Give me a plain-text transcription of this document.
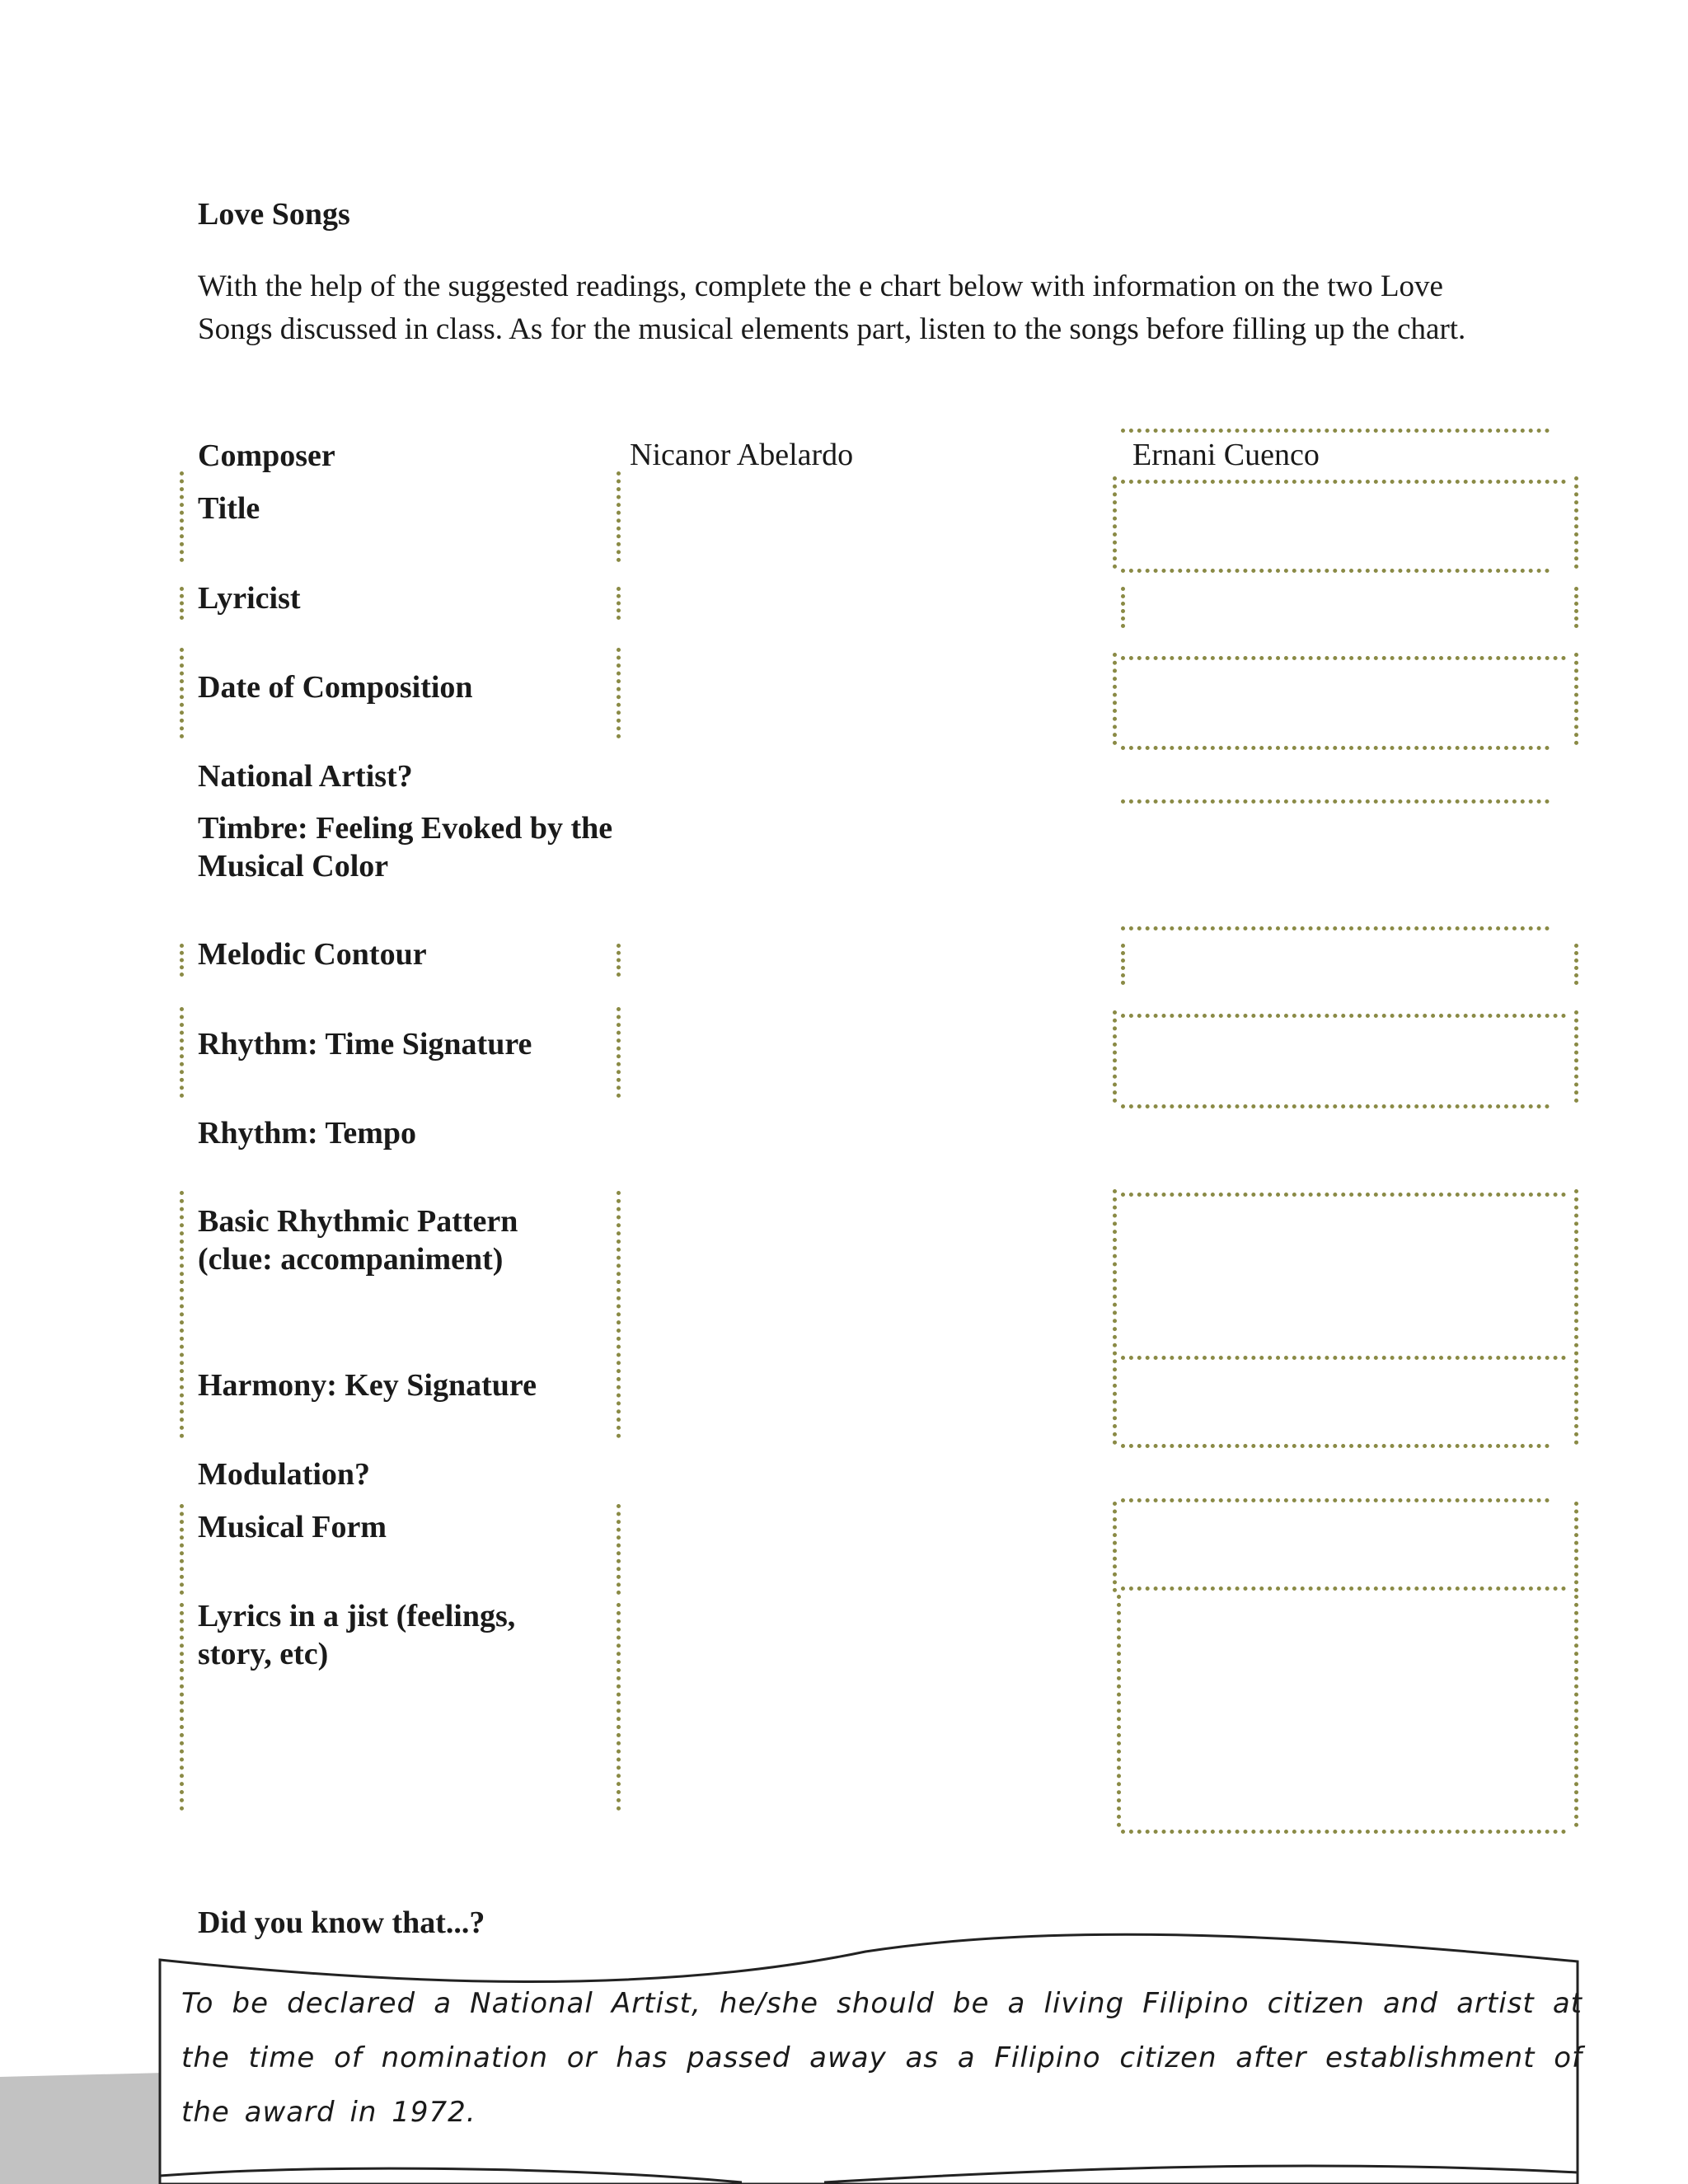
Love Songs
With the help of the suggested readings, complete the e chart below with information on the two Love Songs discussed in class. As for the musical elements part, listen to the songs before filling up the chart.
Composer	Nicanor Abelardo	Ernani Cuenco
Title
Lyricist
Date of Composition
National Artist?
Timbre: Feeling Evoked by the Musical Color
Melodic Contour
Rhythm: Time Signature
Rhythm: Tempo
Basic Rhythmic Pattern (clue: accompaniment)
Harmony: Key Signature
Modulation?
Musical Form
Lyrics in a jist (feelings, story, etc)
Did you know that...?
To be declared a National Artist, he/she should be a living Filipino citizen and artist at the time of nomination or has passed away as a Filipino citizen after establishment of the award in 1972.
